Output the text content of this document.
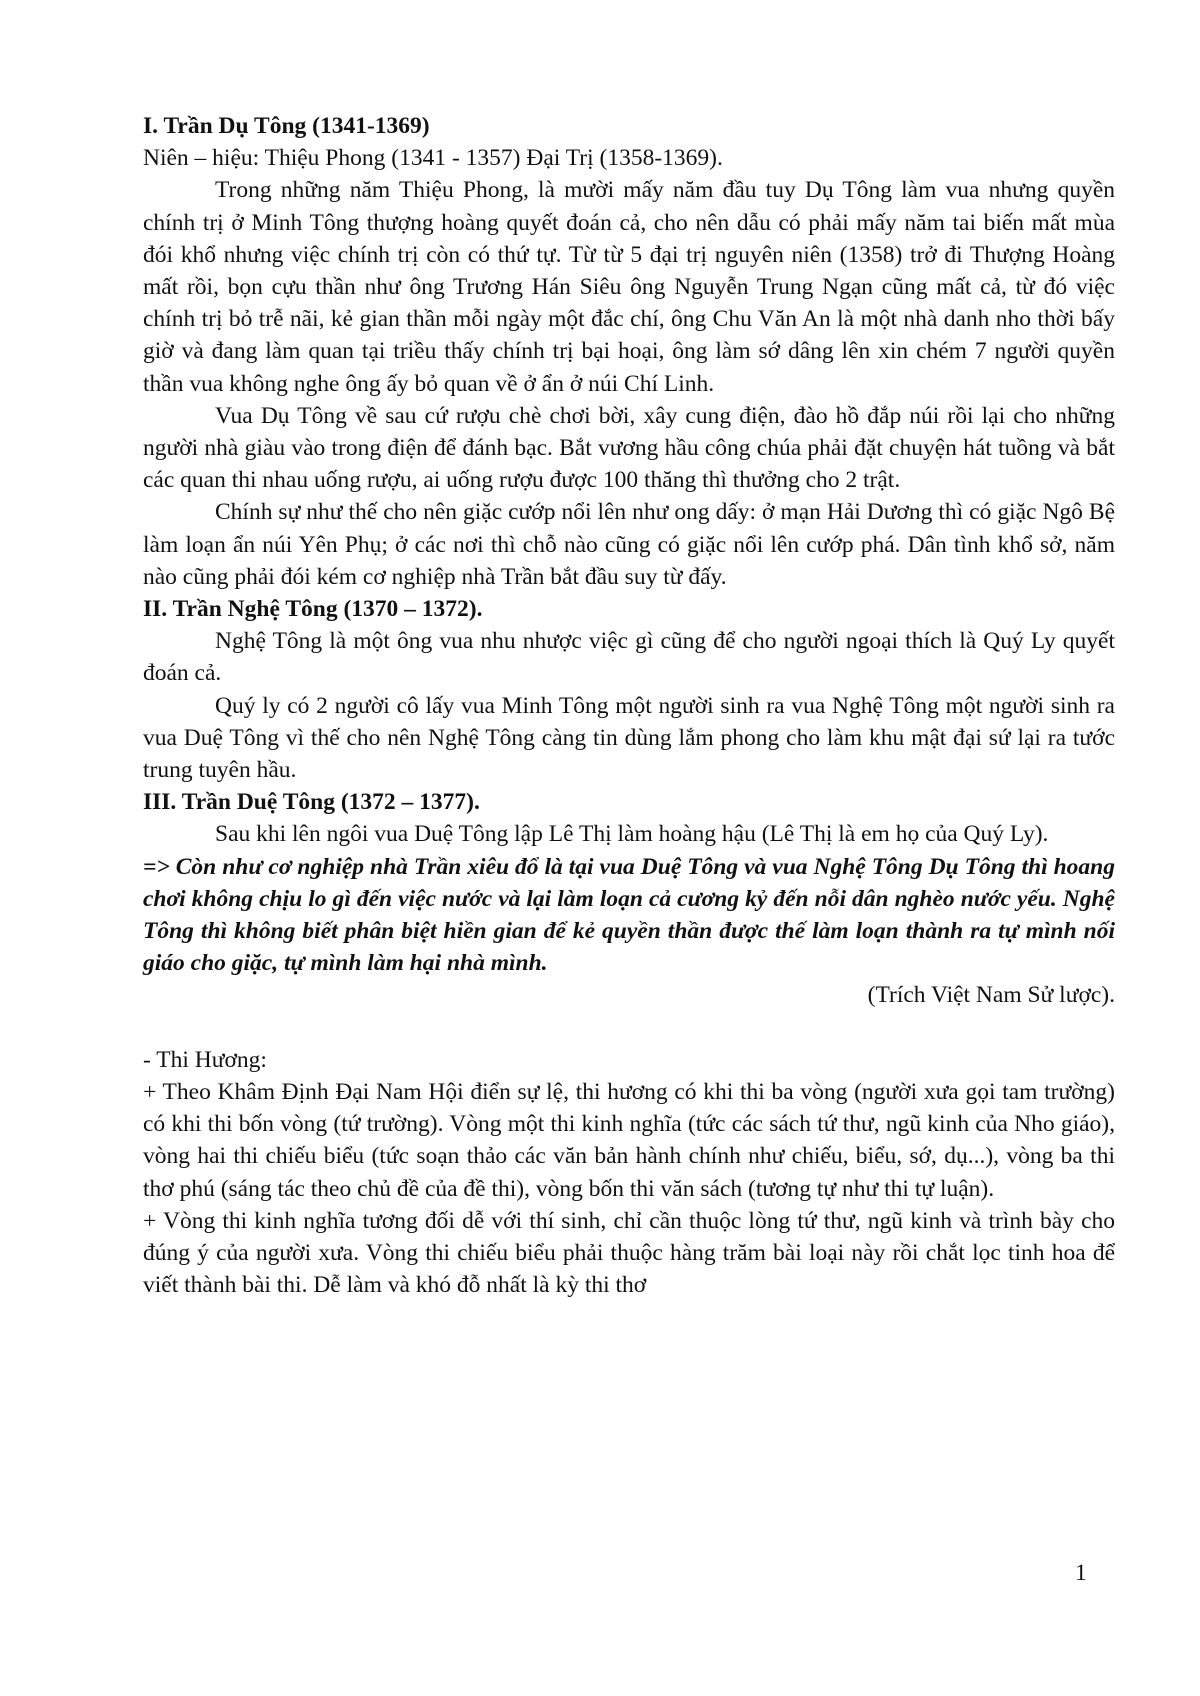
I. Trần Dụ Tông (1341-1369)

Niên – hiệu: Thiệu Phong (1341 - 1357) Đại Trị (1358-1369).

Trong những năm Thiệu Phong, là mười mấy năm đầu tuy Dụ Tông làm vua nhưng quyền chính trị ở Minh Tông thượng hoàng quyết đoán cả, cho nên dẫu có phải mấy năm tai biến mất mùa đói khổ nhưng việc chính trị còn có thứ tự. Từ từ 5 đại trị nguyên niên (1358) trở đi Thượng Hoàng mất rồi, bọn cựu thần như ông Trương Hán Siêu ông Nguyễn Trung Ngạn cũng mất cả, từ đó việc chính trị bỏ trễ nãi, kẻ gian thần mỗi ngày một đắc chí, ông Chu Văn An là một nhà danh nho thời bấy giờ và đang làm quan tại triều thấy chính trị bại hoại, ông làm sớ dâng lên xin chém 7 người quyền thần vua không nghe ông ấy bỏ quan về ở ẩn ở núi Chí Linh.

Vua Dụ Tông về sau cứ rượu chè chơi bời, xây cung điện, đào hồ đắp núi rồi lại cho những người nhà giàu vào trong điện để đánh bạc. Bắt vương hầu công chúa phải đặt chuyện hát tuồng và bắt các quan thi nhau uống rượu, ai uống rượu được 100 thăng thì thưởng cho 2 trật.

Chính sự như thế cho nên giặc cướp nổi lên như ong dấy: ở mạn Hải Dương thì có giặc Ngô Bệ làm loạn ẩn núi Yên Phụ; ở các nơi thì chỗ nào cũng có giặc nổi lên cướp phá. Dân tình khổ sở, năm nào cũng phải đói kém cơ nghiệp nhà Trần bắt đầu suy từ đấy.

II. Trần Nghệ Tông (1370 – 1372).

Nghệ Tông là một ông vua nhu nhược việc gì cũng để cho người ngoại thích là Quý Ly quyết đoán cả.

Quý ly có 2 người cô lấy vua Minh Tông một người sinh ra vua Nghệ Tông một người sinh ra vua Duệ Tông vì thế cho nên Nghệ Tông càng tin dùng lắm phong cho làm khu mật đại sứ lại ra tước trung tuyên hầu.

III. Trần Duệ Tông (1372 – 1377).

Sau khi lên ngôi vua Duệ Tông lập Lê Thị làm hoàng hậu (Lê Thị là em họ của Quý Ly).

=> Còn như cơ nghiệp nhà Trần xiêu đổ là tại vua Duệ Tông và vua Nghệ Tông Dụ Tông thì hoang chơi không chịu lo gì đến việc nước và lại làm loạn cả cương kỷ đến nỗi dân nghèo nước yếu. Nghệ Tông thì không biết phân biệt hiền gian để kẻ quyền thần được thế làm loạn thành ra tự mình nối giáo cho giặc, tự mình làm hại nhà mình.

(Trích Việt Nam Sử lược).

- Thi Hương:

+ Theo Khâm Định Đại Nam Hội điển sự lệ, thi hương có khi thi ba vòng (người xưa gọi tam trường) có khi thi bốn vòng (tứ trường). Vòng một thi kinh nghĩa (tức các sách tứ thư, ngũ kinh của Nho giáo), vòng hai thi chiếu biểu (tức soạn thảo các văn bản hành chính như chiếu, biểu, sớ, dụ...), vòng ba thi thơ phú (sáng tác theo chủ đề của đề thi), vòng bốn thi văn sách (tương tự như thi tự luận).

+ Vòng thi kinh nghĩa tương đối dễ với thí sinh, chỉ cần thuộc lòng tứ thư, ngũ kinh và trình bày cho đúng ý của người xưa. Vòng thi chiếu biểu phải thuộc hàng trăm bài loại này rồi chắt lọc tinh hoa để viết thành bài thi. Dễ làm và khó đỗ nhất là kỳ thi thơ

1
